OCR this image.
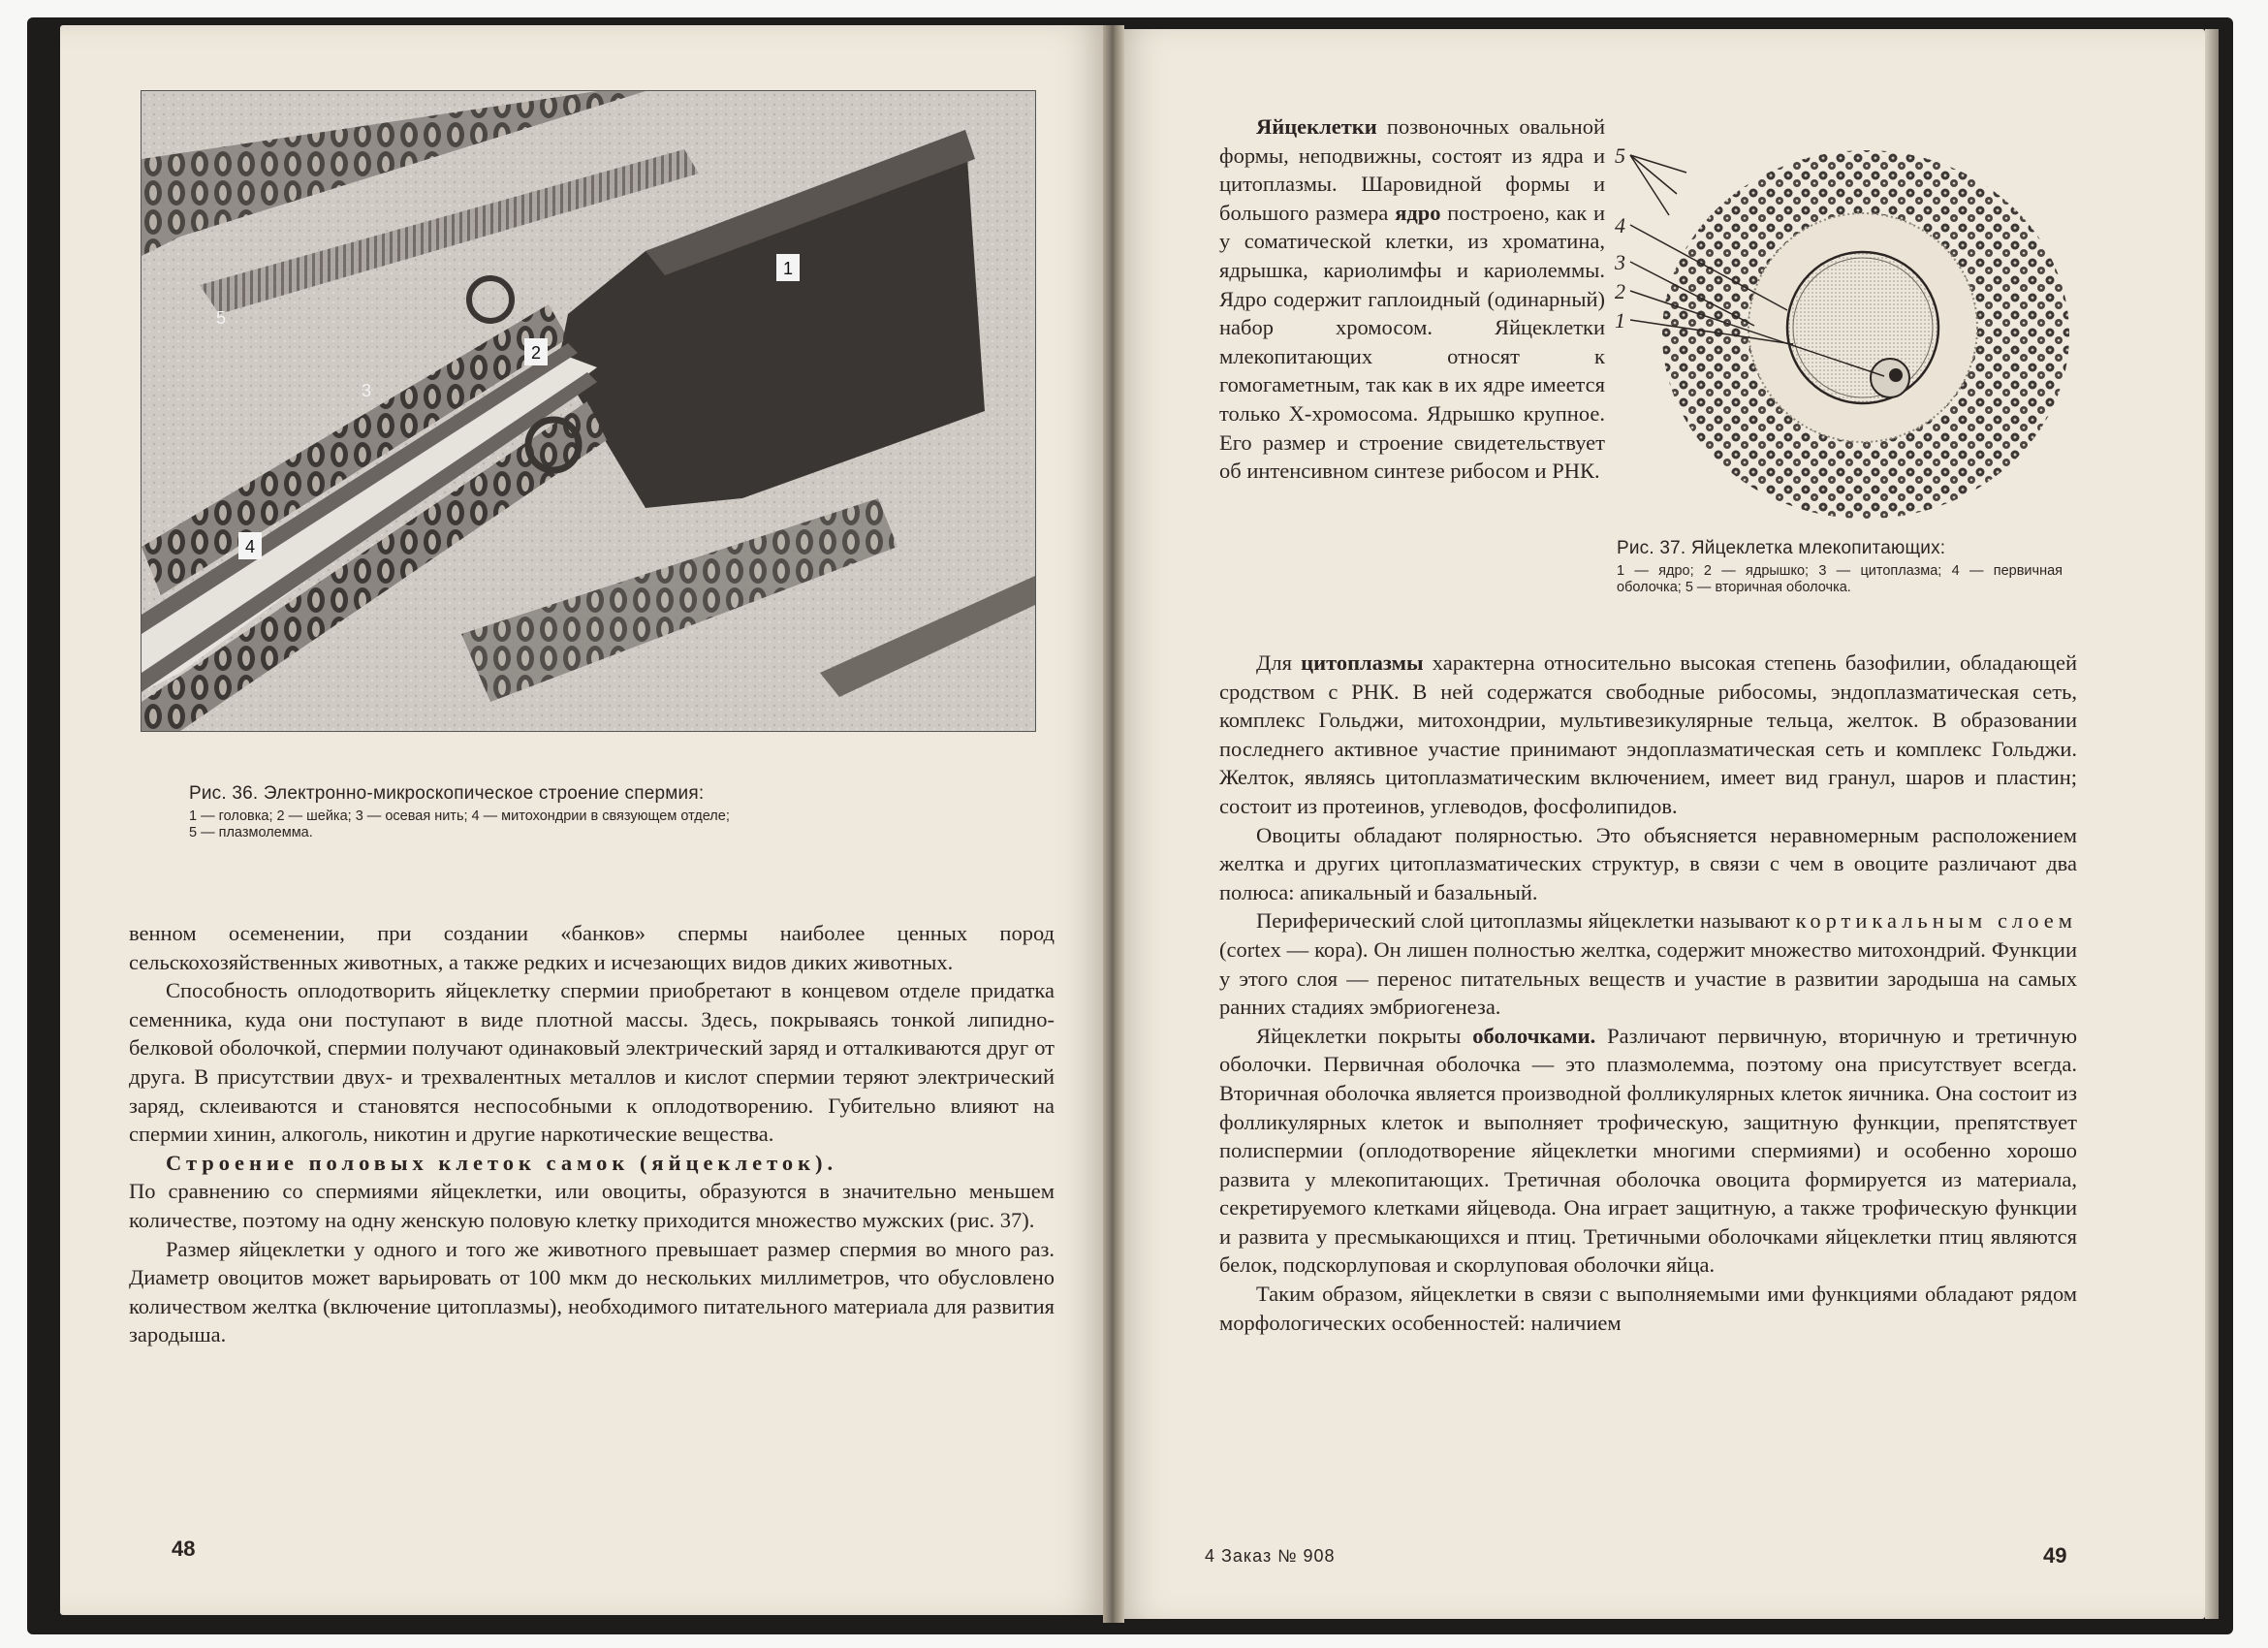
1
2
3
4
5

Рис. 36. Электронно-микроскопическое строение спермия:

1 — головка; 2 — шейка; 3 — осевая нить; 4 — митохондрии в связующем отделе;

5 — плазмолемма.

венном осеменении, при создании «банков» спермы наиболее ценных пород сельскохозяйственных животных, а также редких и исчезающих видов диких животных.

Способность оплодотворить яйцеклетку спермии приобретают в концевом отделе придатка семенника, куда они поступают в виде плотной массы. Здесь, покрываясь тонкой липидно-белковой оболочкой, спермии получают одинаковый электрический заряд и отталкиваются друг от друга. В присутствии двух- и трехвалентных металлов и кислот спермии теряют электрический заряд, склеиваются и становятся неспособными к оплодотворению. Губительно влияют на спермии хинин, алкоголь, никотин и другие наркотические вещества.

Строение половых клеток самок (яйцеклеток).

По сравнению со спермиями яйцеклетки, или овоциты, образуются в значительно меньшем количестве, поэтому на одну женскую половую клетку приходится множество мужских (рис. 37).

Размер яйцеклетки у одного и того же животного превышает размер спермия во много раз. Диаметр овоцитов может варьировать от 100 мкм до нескольких миллиметров, что обусловлено количеством желтка (включение цитоплазмы), необходимого питательного материала для развития зародыша.

48

Яйцеклетки позвоночных овальной формы, неподвижны, состоят из ядра и цитоплазмы. Шаровидной формы и большого размера ядро построено, как и у соматической клетки, из хроматина, ядрышка, кариолимфы и кариолеммы. Ядро содержит гаплоидный (одинарный) набор хромосом. Яйцеклетки млекопитающих относят к гомогаметным, так как в их ядре имеется только X-хромосома. Ядрышко крупное. Его размер и строение свидетельствует об интенсивном синтезе рибосом и РНК.

5
4
3
2
1

Рис. 37. Яйцеклетка млекопитающих:

1 — ядро; 2 — ядрышко; 3 — цитоплазма; 4 — первичная оболочка; 5 — вторичная оболочка.

Для цитоплазмы характерна относительно высокая степень базофилии, обладающей сродством с РНК. В ней содержатся свободные рибосомы, эндоплазматическая сеть, комплекс Гольджи, митохондрии, мультивезикулярные тельца, желток. В образовании последнего активное участие принимают эндоплазматическая сеть и комплекс Гольджи. Желток, являясь цитоплазматическим включением, имеет вид гранул, шаров и пластин; состоит из протеинов, углеводов, фосфолипидов.

Овоциты обладают полярностью. Это объясняется неравномерным расположением желтка и других цитоплазматических структур, в связи с чем в овоците различают два полюса: апикальный и базальный.

Периферический слой цитоплазмы яйцеклетки называют кортикальным слоем (cortex — кора). Он лишен полностью желтка, содержит множество митохондрий. Функции у этого слоя — перенос питательных веществ и участие в развитии зародыша на самых ранних стадиях эмбриогенеза.

Яйцеклетки покрыты оболочками. Различают первичную, вторичную и третичную оболочки. Первичная оболочка — это плазмолемма, поэтому она присутствует всегда. Вторичная оболочка является производной фолликулярных клеток яичника. Она состоит из фолликулярных клеток и выполняет трофическую, защитную функции, препятствует полиспермии (оплодотворение яйцеклетки многими спермиями) и особенно хорошо развита у млекопитающих. Третичная оболочка овоцита формируется из материала, секретируемого клетками яйцевода. Она играет защитную, а также трофическую функции и развита у пресмыкающихся и птиц. Третичными оболочками яйцеклетки птиц являются белок, подскорлуповая и скорлуповая оболочки яйца.

Таким образом, яйцеклетки в связи с выполняемыми ими функциями обладают рядом морфологических особенностей: наличием

4 Заказ № 908	49
